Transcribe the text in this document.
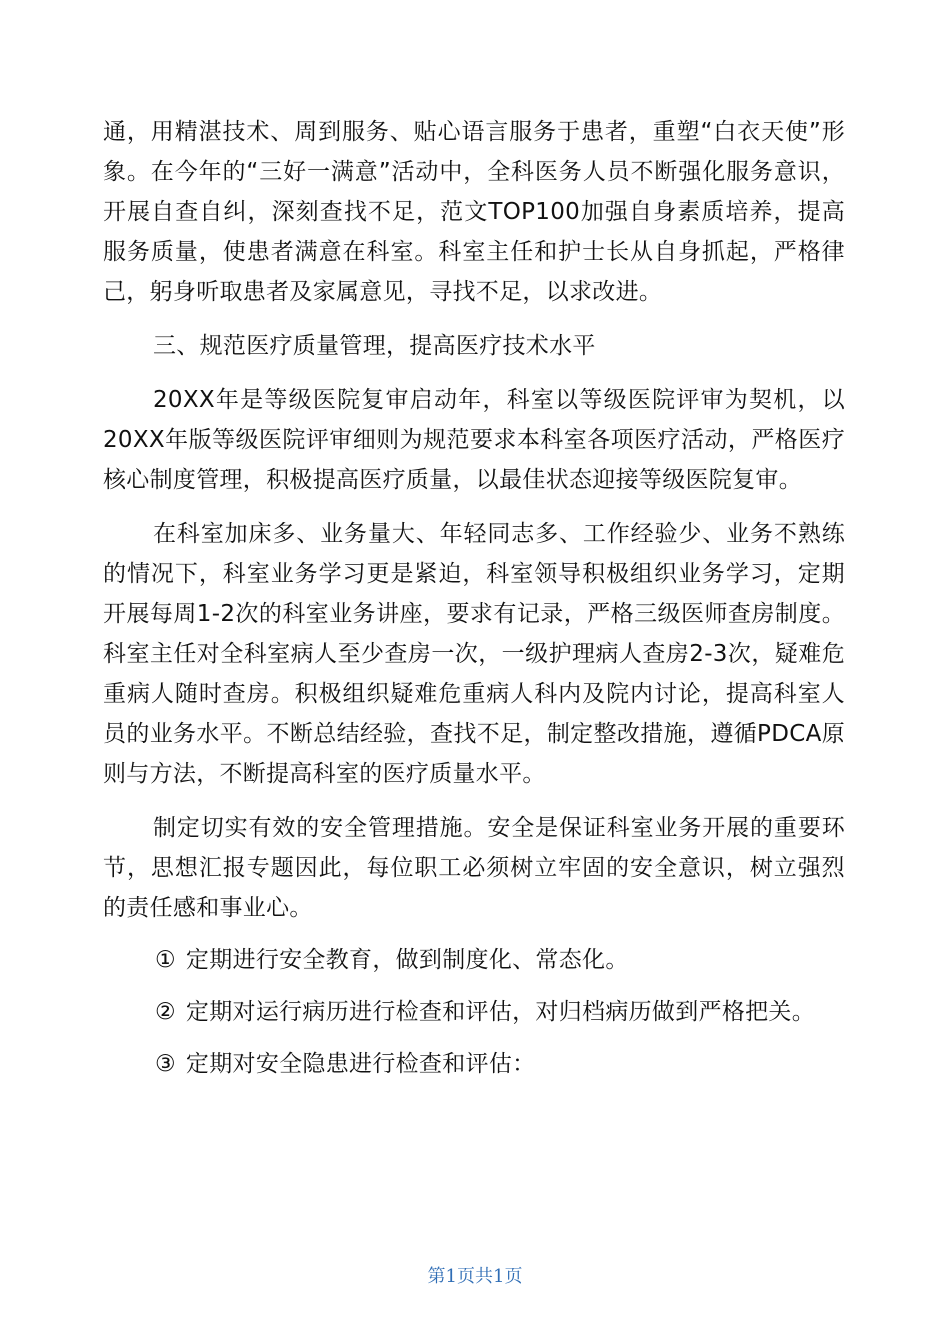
通，用精湛技术、周到服务、贴心语言服务于患者，重塑“白衣天使”形象。在今年的“三好一满意”活动中，全科医务人员不断强化服务意识，开展自查自纠，深刻查找不足，范文TOP100加强自身素质培养，提高服务质量，使患者满意在科室。科室主任和护士长从自身抓起，严格律己，躬身听取患者及家属意见，寻找不足，以求改进。

三、规范医疗质量管理，提高医疗技术水平

20XX年是等级医院复审启动年，科室以等级医院评审为契机，以20XX年版等级医院评审细则为规范要求本科室各项医疗活动，严格医疗核心制度管理，积极提高医疗质量，以最佳状态迎接等级医院复审。

在科室加床多、业务量大、年轻同志多、工作经验少、业务不熟练的情况下，科室业务学习更是紧迫，科室领导积极组织业务学习，定期开展每周1-2次的科室业务讲座，要求有记录，严格三级医师查房制度。科室主任对全科室病人至少查房一次，一级护理病人查房2-3次，疑难危重病人随时查房。积极组织疑难危重病人科内及院内讨论，提高科室人员的业务水平。不断总结经验，查找不足，制定整改措施，遵循PDCA原则与方法，不断提高科室的医疗质量水平。

制定切实有效的安全管理措施。安全是保证科室业务开展的重要环节，思想汇报专题因此，每位职工必须树立牢固的安全意识，树立强烈的责任感和事业心。

① 定期进行安全教育，做到制度化、常态化。
② 定期对运行病历进行检查和评估，对归档病历做到严格把关。
③ 定期对安全隐患进行检查和评估：
第1页共1页
